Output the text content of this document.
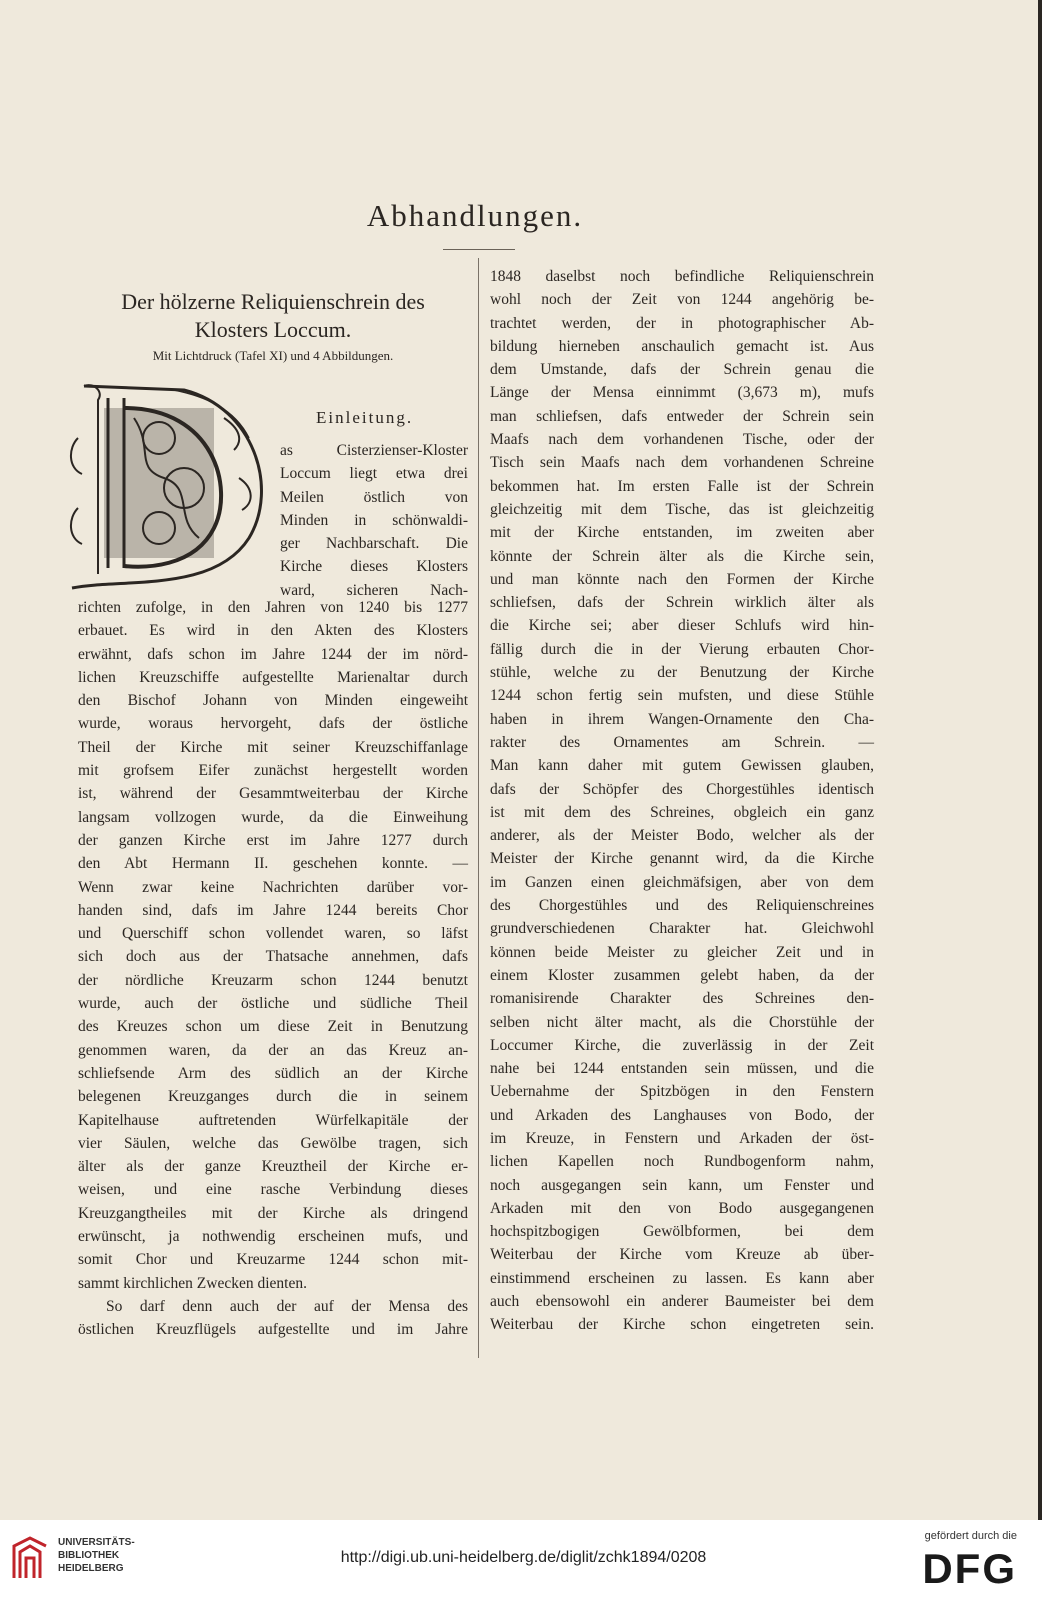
Abhandlungen.
Der hölzerne Reliquienschrein des
Klosters Loccum.
Mit Lichtdruck (Tafel XI) und 4 Abbildungen.
Einleitung.
as Cisterzienser-Kloster
Loccum liegt etwa drei
Meilen östlich von
Minden in schönwaldi-
ger Nachbarschaft. Die
Kirche dieses Klosters
ward, sicheren Nach-
richten zufolge, in den Jahren von 1240 bis 1277
erbauet. Es wird in den Akten des Klosters
erwähnt, dafs schon im Jahre 1244 der im nörd-
lichen Kreuzschiffe aufgestellte Marienaltar durch
den Bischof Johann von Minden eingeweiht
wurde, woraus hervorgeht, dafs der östliche
Theil der Kirche mit seiner Kreuzschiffanlage
mit grofsem Eifer zunächst hergestellt worden
ist, während der Gesammtweiterbau der Kirche
langsam vollzogen wurde, da die Einweihung
der ganzen Kirche erst im Jahre 1277 durch
den Abt Hermann II. geschehen konnte. —
Wenn zwar keine Nachrichten darüber vor-
handen sind, dafs im Jahre 1244 bereits Chor
und Querschiff schon vollendet waren, so läfst
sich doch aus der Thatsache annehmen, dafs
der nördliche Kreuzarm schon 1244 benutzt
wurde, auch der östliche und südliche Theil
des Kreuzes schon um diese Zeit in Benutzung
genommen waren, da der an das Kreuz an-
schliefsende Arm des südlich an der Kirche
belegenen Kreuzganges durch die in seinem
Kapitelhause auftretenden Würfelkapitäle der
vier Säulen, welche das Gewölbe tragen, sich
älter als der ganze Kreuztheil der Kirche er-
weisen, und eine rasche Verbindung dieses
Kreuzgangtheiles mit der Kirche als dringend
erwünscht, ja nothwendig erscheinen mufs, und
somit Chor und Kreuzarme 1244 schon mit-
sammt kirchlichen Zwecken dienten.
So darf denn auch der auf der Mensa des
östlichen Kreuzflügels aufgestellte und im Jahre
1848 daselbst noch befindliche Reliquienschrein
wohl noch der Zeit von 1244 angehörig be-
trachtet werden, der in photographischer Ab-
bildung hierneben anschaulich gemacht ist. Aus
dem Umstande, dafs der Schrein genau die
Länge der Mensa einnimmt (3,673 m), mufs
man schliefsen, dafs entweder der Schrein sein
Maafs nach dem vorhandenen Tische, oder der
Tisch sein Maafs nach dem vorhandenen Schreine
bekommen hat. Im ersten Falle ist der Schrein
gleichzeitig mit dem Tische, das ist gleichzeitig
mit der Kirche entstanden, im zweiten aber
könnte der Schrein älter als die Kirche sein,
und man könnte nach den Formen der Kirche
schliefsen, dafs der Schrein wirklich älter als
die Kirche sei; aber dieser Schlufs wird hin-
fällig durch die in der Vierung erbauten Chor-
stühle, welche zu der Benutzung der Kirche
1244 schon fertig sein mufsten, und diese Stühle
haben in ihrem Wangen-Ornamente den Cha-
rakter des Ornamentes am Schrein. —
Man kann daher mit gutem Gewissen glauben,
dafs der Schöpfer des Chorgestühles identisch
ist mit dem des Schreines, obgleich ein ganz
anderer, als der Meister Bodo, welcher als der
Meister der Kirche genannt wird, da die Kirche
im Ganzen einen gleichmäfsigen, aber von dem
des Chorgestühles und des Reliquienschreines
grundverschiedenen Charakter hat. Gleichwohl
können beide Meister zu gleicher Zeit und in
einem Kloster zusammen gelebt haben, da der
romanisirende Charakter des Schreines den-
selben nicht älter macht, als die Chorstühle der
Loccumer Kirche, die zuverlässig in der Zeit
nahe bei 1244 entstanden sein müssen, und die
Uebernahme der Spitzbögen in den Fenstern
und Arkaden des Langhauses von Bodo, der
im Kreuze, in Fenstern und Arkaden der öst-
lichen Kapellen noch Rundbogenform nahm,
noch ausgegangen sein kann, um Fenster und
Arkaden mit den von Bodo ausgegangenen
hochspitzbogigen Gewölbformen, bei dem
Weiterbau der Kirche vom Kreuze ab über-
einstimmend erscheinen zu lassen. Es kann aber
auch ebensowohl ein anderer Baumeister bei dem
Weiterbau der Kirche schon eingetreten sein.
UNIVERSITÄTS-
BIBLIOTHEK
HEIDELBERG
http://digi.ub.uni-heidelberg.de/diglit/zchk1894/0208
gefördert durch die
DFG
